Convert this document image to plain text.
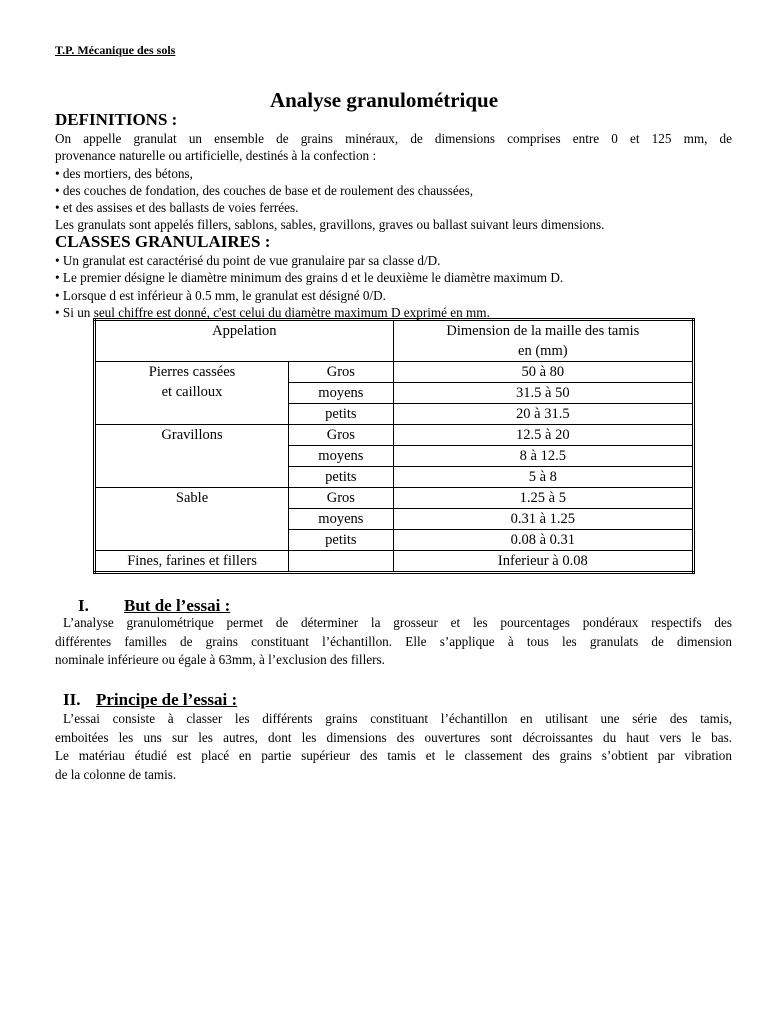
T.P. Mécanique des sols
Analyse granulométrique
DEFINITIONS :
On appelle granulat un ensemble de grains minéraux, de dimensions comprises entre 0 et 125 mm, de
provenance naturelle ou artificielle, destinés à la confection :
• des mortiers, des bétons,
• des couches de fondation, des couches de base et de roulement des chaussées,
• et des assises et des ballasts de voies ferrées.
Les granulats sont appelés fillers, sablons, sables, gravillons, graves ou ballast suivant leurs dimensions.
CLASSES GRANULAIRES :
• Un granulat est caractérisé du point de vue granulaire par sa classe d/D.
• Le premier désigne le diamètre minimum des grains d et le deuxième le diamètre maximum D.
• Lorsque d est inférieur à 0.5 mm, le granulat est désigné 0/D.
• Si un seul chiffre est donné, c'est celui du diamètre maximum D exprimé en mm.
Appelation		Dimension de la maille des tamis
en (mm)

Pierres cassées
et cailloux	Gros	50 à 80
	moyens	31.5 à 50
	petits	20 à 31.5
Gravillons	Gros	12.5 à 20
	moyens	8 à 12.5
	petits	5 à 8
Sable	Gros	1.25 à 5
	moyens	0.31 à 1.25
	petits	0.08 à 0.31
Fines, farines et fillers		Inferieur à 0.08
I. But de l’essai :
L’analyse granulométrique permet de déterminer la grosseur et les pourcentages pondéraux respectifs des
différentes familles de grains constituant l’échantillon. Elle s’applique à tous les granulats de dimension
nominale inférieure ou égale à 63mm, à l’exclusion des fillers.
II. Principe de l’essai :
L’essai consiste à classer les différents grains constituant l’échantillon en utilisant une série des tamis,
emboitées les uns sur les autres, dont les dimensions des ouvertures sont décroissantes du haut vers le bas.
Le matériau étudié est placé en partie supérieur des tamis et le classement des grains s’obtient par vibration
de la colonne de tamis.
